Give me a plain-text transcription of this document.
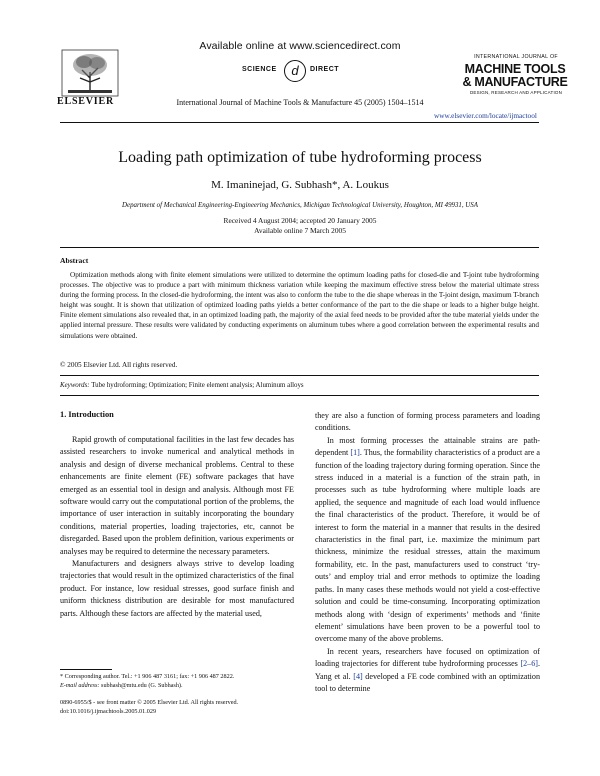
Available online at www.sciencedirect.com
SCIENCE	d	DIRECT
ELSEVIER	International Journal of Machine Tools & Manufacture 45 (2005) 1504–1514
INTERNATIONAL JOURNAL OF
MACHINE TOOLS
& MANUFACTURE
DESIGN, RESEARCH AND APPLICATION
www.elsevier.com/locate/ijmactool
Loading path optimization of tube hydroforming process
M. Imaninejad, G. Subhash*, A. Loukus
Department of Mechanical Engineering-Engineering Mechanics, Michigan Technological University, Houghton, MI 49931, USA
Received 4 August 2004; accepted 20 January 2005
Available online 7 March 2005
Abstract
Optimization methods along with finite element simulations were utilized to determine the optimum loading paths for closed-die and T-joint tube hydroforming processes. The objective was to produce a part with minimum thickness variation while keeping the maximum effective stress below the material ultimate stress during the forming process. In the closed-die hydroforming, the intent was also to conform the tube to the die shape whereas in the T-joint design, maximum T-branch height was sought. It is shown that utilization of optimized loading paths yields a better conformance of the part to the die shape or leads to a higher bulge height. Finite element simulations also revealed that, in an optimized loading path, the majority of the axial feed needs to be provided after the tube material yields under the applied internal pressure. These results were validated by conducting experiments on aluminum tubes where a good correlation between the experimental results and simulations were obtained.
© 2005 Elsevier Ltd. All rights reserved.
Keywords: Tube hydroforming; Optimization; Finite element analysis; Aluminum alloys
1. Introduction

Rapid growth of computational facilities in the last few decades has assisted researchers to invoke numerical and analytical methods in analysis and design of diverse mechanical problems. Central to these enhancements are finite element (FE) software packages that have emerged as an essential tool in design and analysis. Although most FE software would carry out the computational portion of the problems, the importance of user interaction in suitably incorporating the boundary conditions, material properties, loading trajectories, etc, cannot be disregarded. Based upon the problem definition, various experiments or analyses may be required to determine the necessary parameters.

Manufacturers and designers always strive to develop loading trajectories that would result in the optimized characteristics of the final product. For instance, low residual stresses, good surface finish and uniform thickness distribution are desirable for most manufactured parts. Although these factors are affected by the material used,

they are also a function of forming process parameters and loading conditions.

In most forming processes the attainable strains are path-dependent [1]. Thus, the formability characteristics of a product are a function of the loading trajectory during forming operation. Since the stress induced in a material is a function of the strain path, in processes such as tube hydroforming where multiple loads are applied, the sequence and magnitude of each load would influence the final characteristics of the product. Therefore, it would be of interest to form the material in a manner that results in the desired characteristics in the final part, i.e. maximize the minimum part thickness, minimize the residual stresses, attain the maximum formability, etc. In the past, manufacturers used to construct ‘try-outs’ and employ trial and error methods to optimize the loading paths. In many cases these methods would not yield a cost-effective solution and could be time-consuming. Incorporating optimization methods along with ‘design of experiments’ methods and ‘finite element’ simulations have been proven to be a powerful tool to overcome many of the above problems.

In recent years, researchers have focused on optimization of loading trajectories for different tube hydroforming processes [2–6]. Yang et al. [4] developed a FE code combined with an optimization tool to determine

* Corresponding author. Tel.: +1 906 487 3161; fax: +1 906 487 2822.
E-mail address: subhash@mtu.edu (G. Subhash).
0890-6955/$ - see front matter © 2005 Elsevier Ltd. All rights reserved.
doi:10.1016/j.ijmachtools.2005.01.029
